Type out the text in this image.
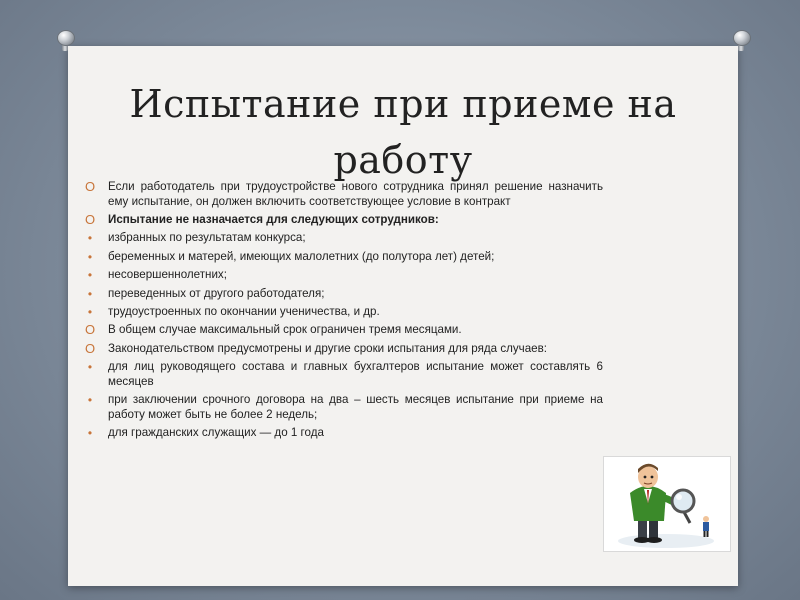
Испытание при приеме на
работу
O Если работодатель при трудоустройстве нового сотрудника принял решение назначить ему испытание, он должен включить соответствующее условие в контракт
O Испытание не назначается для следующих сотрудников:
•	избранных по результатам конкурса;
•	беременных и матерей, имеющих малолетних (до полутора лет) детей;
•	несовершеннолетних;
•	переведенных от другого работодателя;
•	трудоустроенных по окончании ученичества, и др.
O В общем случае максимальный срок ограничен тремя месяцами.
O Законодательством предусмотрены и другие сроки испытания для ряда случаев:
•	для лиц руководящего состава и главных бухгалтеров испытание может составлять 6 месяцев
•	при заключении срочного договора на два – шесть месяцев испытание при приеме на работу может быть не более 2 недель;
•	для гражданских служащих — до 1 года
